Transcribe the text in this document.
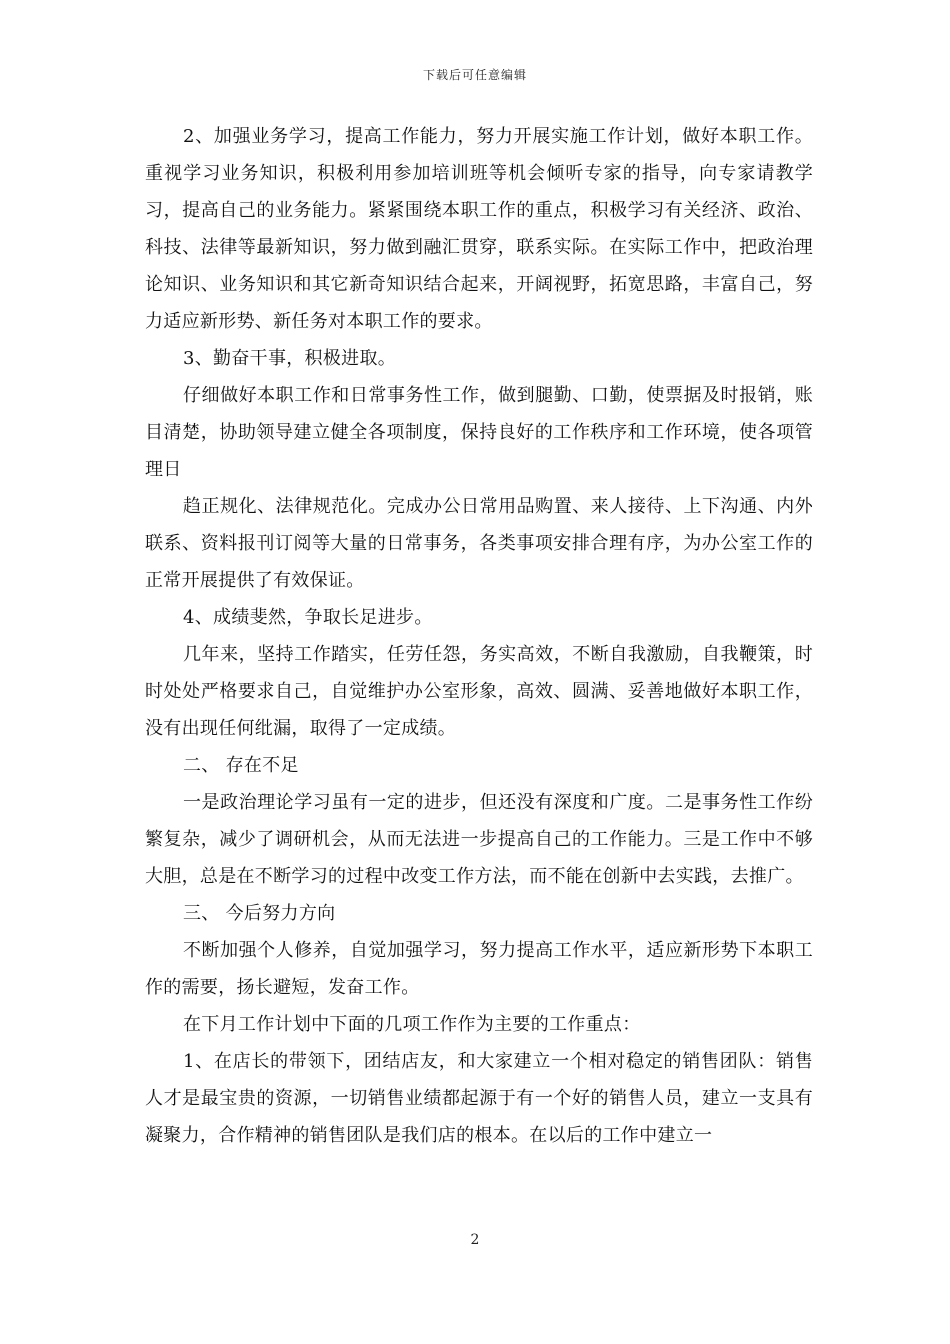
下载后可任意编辑

2、加强业务学习，提高工作能力，努力开展实施工作计划，做好本职工作。 重视学习业务知识，积极利用参加培训班等机会倾听专家的指导，向专家请教学习，提高自己的业务能力。紧紧围绕本职工作的重点，积极学习有关经济、政治、科技、法律等最新知识，努力做到融汇贯穿，联系实际。在实际工作中，把政治理论知识、业务知识和其它新奇知识结合起来，开阔视野，拓宽思路，丰富自己，努力适应新形势、新任务对本职工作的要求。

3、勤奋干事，积极进取。

仔细做好本职工作和日常事务性工作，做到腿勤、口勤，使票据及时报销，账目清楚，协助领导建立健全各项制度，保持良好的工作秩序和工作环境，使各项管理日

趋正规化、法律规范化。完成办公日常用品购置、来人接待、上下沟通、内外联系、资料报刊订阅等大量的日常事务，各类事项安排合理有序，为办公室工作的正常开展提供了有效保证。

4、成绩斐然，争取长足进步。

几年来，坚持工作踏实，任劳任怨，务实高效，不断自我激励，自我鞭策，时时处处严格要求自己，自觉维护办公室形象，高效、圆满、妥善地做好本职工作，没有出现任何纰漏，取得了一定成绩。

二、 存在不足

一是政治理论学习虽有一定的进步，但还没有深度和广度。二是事务性工作纷繁复杂，减少了调研机会，从而无法进一步提高自己的工作能力。三是工作中不够大胆，总是在不断学习的过程中改变工作方法，而不能在创新中去实践，去推广。

三、 今后努力方向

不断加强个人修养，自觉加强学习，努力提高工作水平，适应新形势下本职工作的需要，扬长避短，发奋工作。

在下月工作计划中下面的几项工作作为主要的工作重点：

1、在店长的带领下，团结店友，和大家建立一个相对稳定的销售团队：销售人才是最宝贵的资源，一切销售业绩都起源于有一个好的销售人员，建立一支具有凝聚力，合作精神的销售团队是我们店的根本。在以后的工作中建立一

2
